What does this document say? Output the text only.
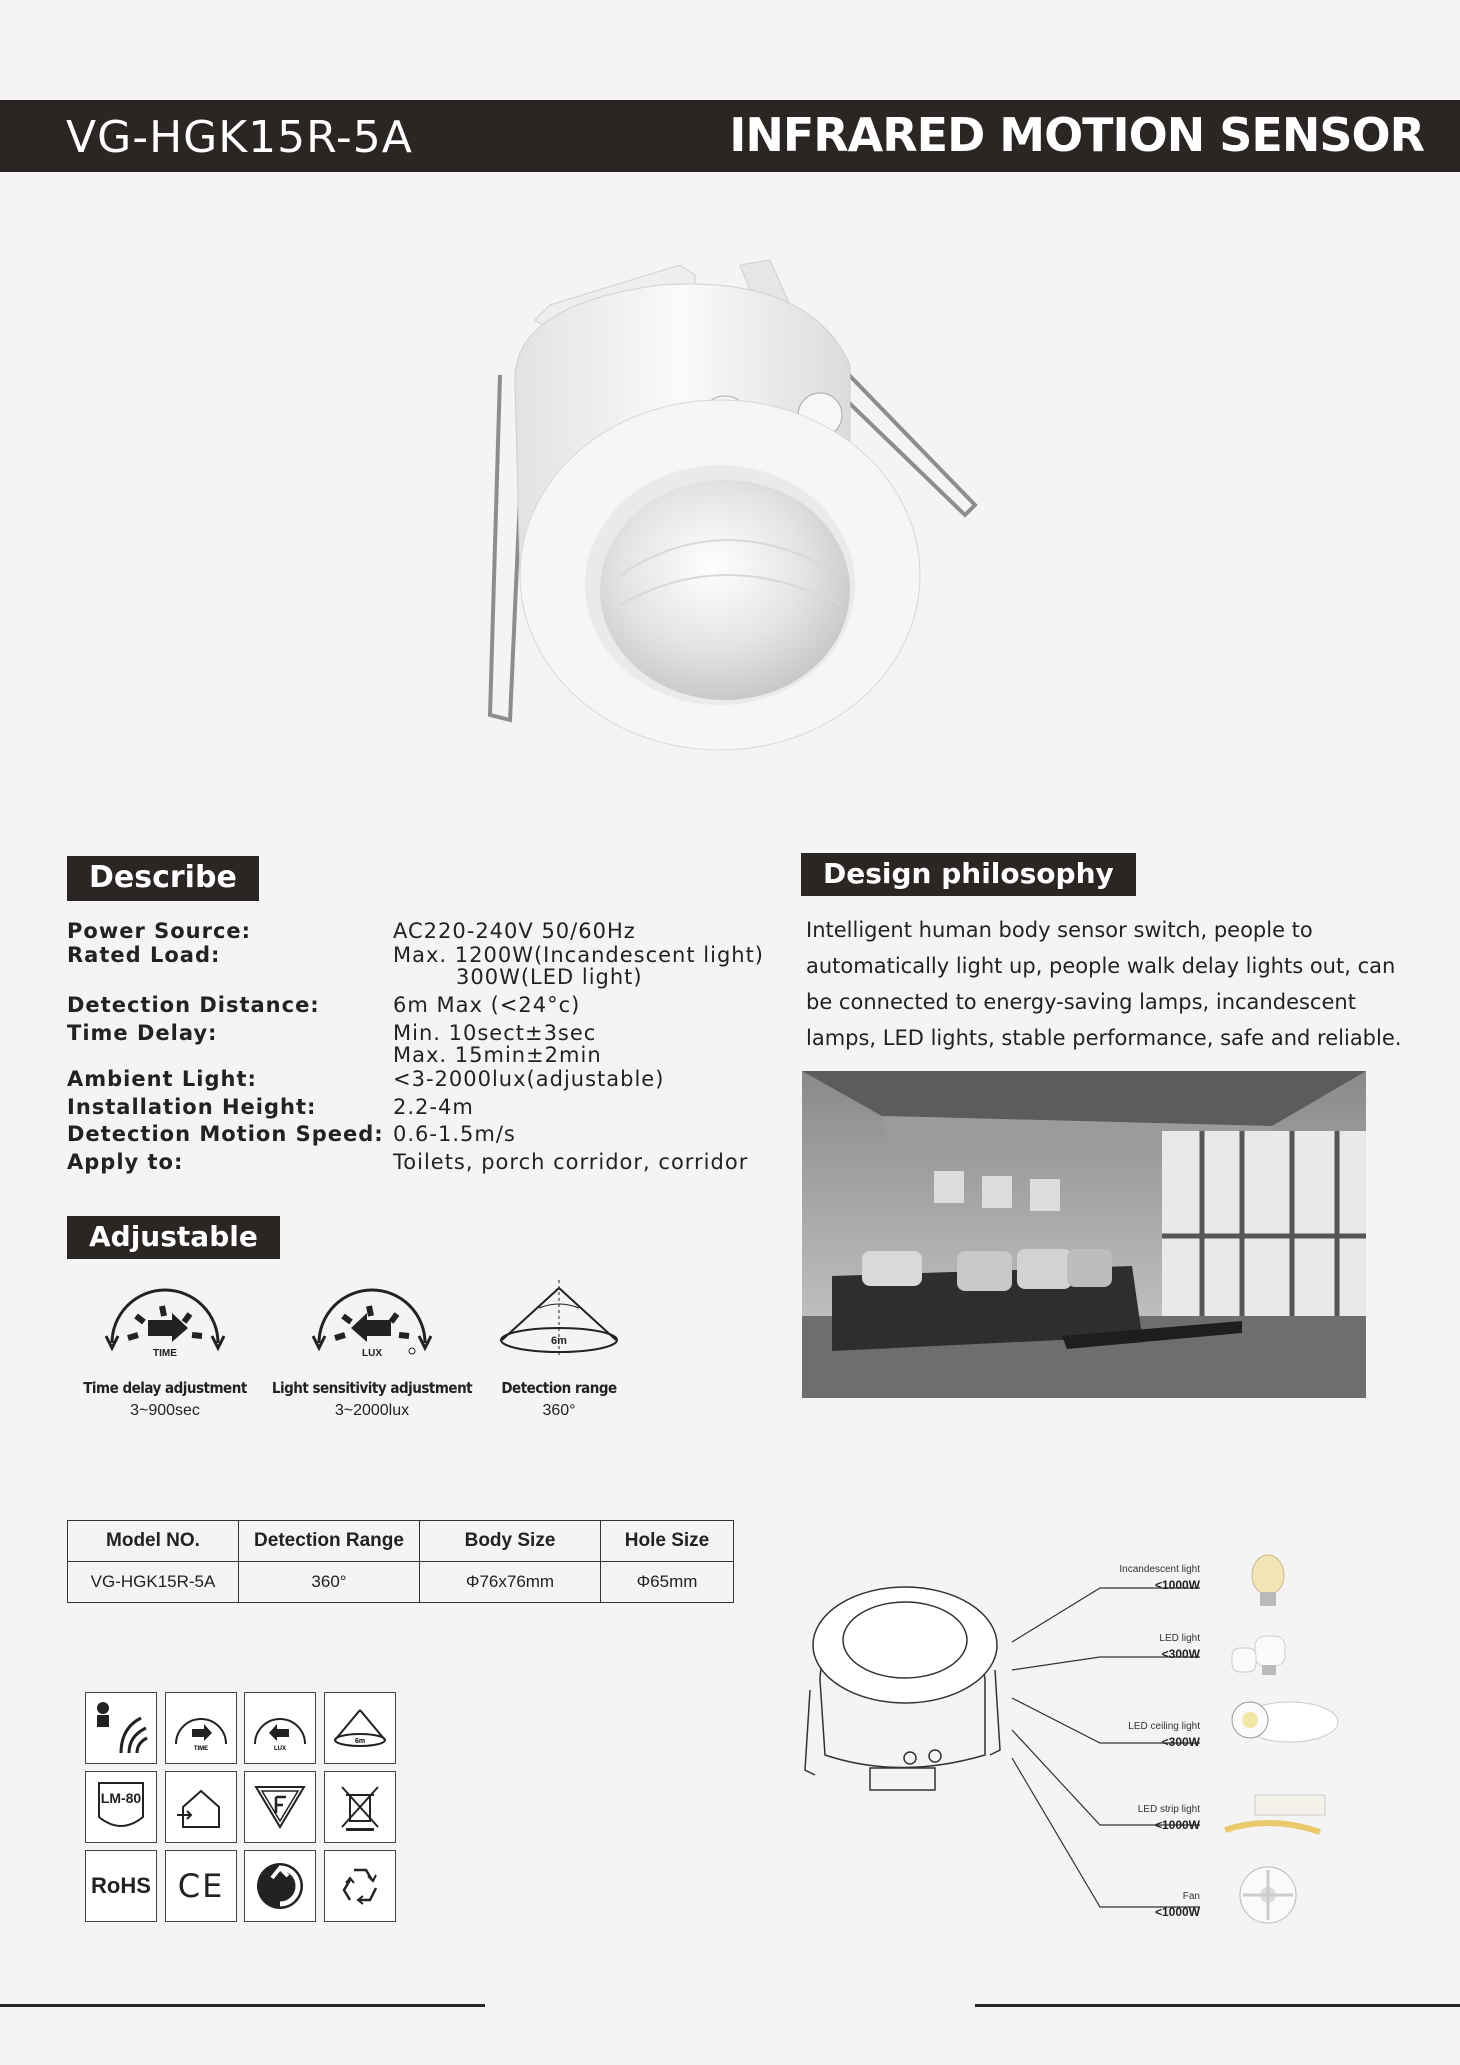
VG-HGK15R-5A	INFRARED MOTION SENSOR
Describe
Power Source:	AC220-240V 50/60Hz
Rated Load:	Max. 1200W(Incandescent light)
300W(LED light)
Detection Distance:	6m Max (<24°c)
Time Delay:	Min. 10sect±3sec
Max. 15min±2min
Ambient Light:	<3-2000lux(adjustable)
Installation Height:	2.2-4m
Detection Motion Speed: 0.6-1.5m/s
Apply to:	Toilets, porch corridor, corridor
Design philosophy
Intelligent human body sensor switch, people to automatically light up, people walk delay lights out, can be connected to energy-saving lamps, incandescent lamps, LED lights, stable performance, safe and reliable.
Adjustable
TIME
Time delay adjustment
3~900sec
LUX
Light sensitivity adjustment
3~2000lux
6m
Detection range
360°
Model NO.	Detection Range	Body Size	Hole Size
VG-HGK15R-5A	360°	Φ76x76mm	Φ65mm
TIME	LUX
6m
LM-80
RoHS CE
Incandescent light
<1000W
LED light
<300W
LED ceiling light
<300W
LED strip light
<1000W
Fan
<1000W
